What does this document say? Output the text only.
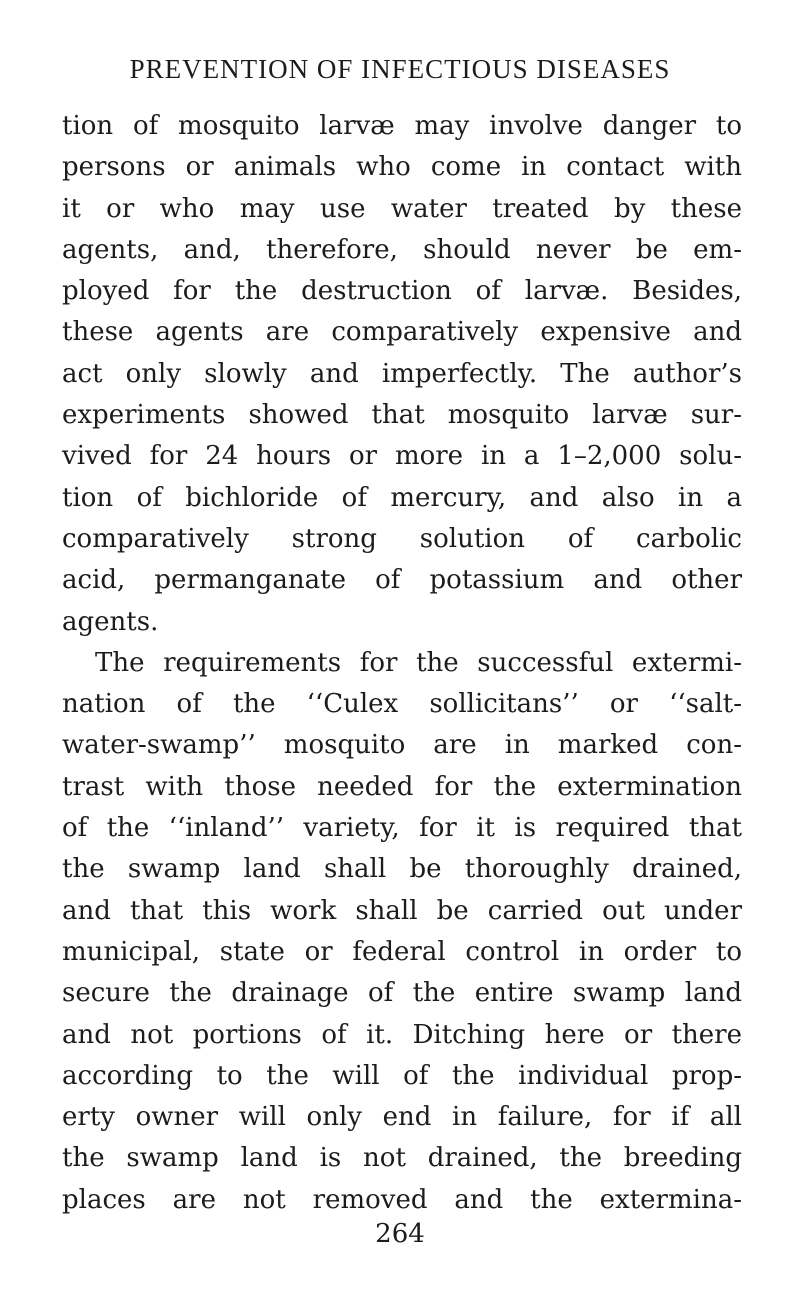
PREVENTION OF INFECTIOUS DISEASES
tion of mosquito larvæ may involve danger to
persons or animals who come in contact with
it or who may use water treated by these
agents, and, therefore, should never be em-
ployed for the destruction of larvæ. Besides,
these agents are comparatively expensive and
act only slowly and imperfectly. The author’s
experiments showed that mosquito larvæ sur-
vived for 24 hours or more in a 1–2,000 solu-
tion of bichloride of mercury, and also in a
comparatively strong solution of carbolic
acid, permanganate of potassium and other
agents.
The requirements for the successful extermi-
nation of the ‘‘Culex sollicitans’’ or ‘‘salt-
water-swamp’’ mosquito are in marked con-
trast with those needed for the extermination
of the ‘‘inland’’ variety, for it is required that
the swamp land shall be thoroughly drained,
and that this work shall be carried out under
municipal, state or federal control in order to
secure the drainage of the entire swamp land
and not portions of it. Ditching here or there
according to the will of the individual prop-
erty owner will only end in failure, for if all
the swamp land is not drained, the breeding
places are not removed and the extermina-
264
